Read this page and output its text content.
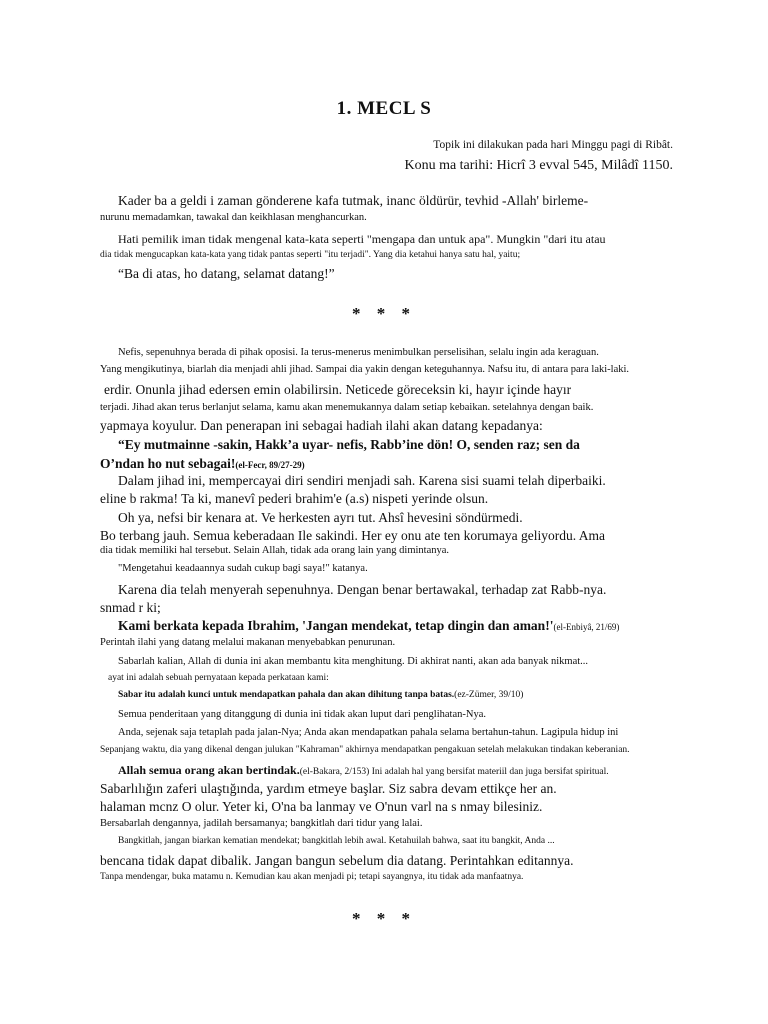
1. MECL S
Topik ini dilakukan pada hari Minggu pagi di Ribât.
Konu ma tarihi: Hicrî 3 evval 545, Milâdî 1150.
Kader ba a geldi i zaman gönderene kafa tutmak, inanc öldürür, tevhid -Allah' birleme-
nurunu memadamkan, tawakal dan keikhlasan menghancurkan.
Hati pemilik iman tidak mengenal kata-kata seperti "mengapa dan untuk apa". Mungkin "dari itu atau
dia tidak mengucapkan kata-kata yang tidak pantas seperti "itu terjadi". Yang dia ketahui hanya satu hal, yaitu;
“Ba di atas, ho datang, selamat datang!”
* * *
Nefis, sepenuhnya berada di pihak oposisi. Ia terus-menerus menimbulkan perselisihan, selalu ingin ada keraguan.
Yang mengikutinya, biarlah dia menjadi ahli jihad. Sampai dia yakin dengan keteguhannya. Nafsu itu, di antara para laki-laki.
erdir. Onunla jihad edersen emin olabilirsin. Neticede göreceksin ki, hayır içinde hayır
terjadi. Jihad akan terus berlanjut selama, kamu akan menemukannya dalam setiap kebaikan. setelahnya dengan baik.
yapmaya koyulur. Dan penerapan ini sebagai hadiah ilahi akan datang kepadanya:
“Ey mutmainne -sakin, Hakk’a uyar- nefis, Rabb’ine dön! O, senden raz; sen da
O’ndan ho nut sebagai!(el-Fecr, 89/27-29)
Dalam jihad ini, mempercayai diri sendiri menjadi sah. Karena sisi suami telah diperbaiki.
eline b rakma! Ta ki, manevî pederi brahim'e (a.s) nispeti yerinde olsun.
Oh ya, nefsi bir kenara at. Ve herkesten ayrı tut. Ahsî hevesini söndürmedi.
Bo terbang jauh. Semua keberadaan Ile sakindi. Her ey onu ate ten korumaya geliyordu. Ama
dia tidak memiliki hal tersebut. Selain Allah, tidak ada orang lain yang dimintanya.
"Mengetahui keadaannya sudah cukup bagi saya!" katanya.
Karena dia telah menyerah sepenuhnya. Dengan benar bertawakal, terhadap zat Rabb-nya.
snmad r ki;
Kami berkata kepada Ibrahim, 'Jangan mendekat, tetap dingin dan aman!'(el-Enbiyâ, 21/69)
Perintah ilahi yang datang melalui makanan menyebabkan penurunan.
Sabarlah kalian, Allah di dunia ini akan membantu kita menghitung. Di akhirat nanti, akan ada banyak nikmat...
ayat ini adalah sebuah pernyataan kepada perkataan kami:
Sabar itu adalah kunci untuk mendapatkan pahala dan akan dihitung tanpa batas.(ez-Zümer, 39/10)
Semua penderitaan yang ditanggung di dunia ini tidak akan luput dari penglihatan-Nya.
Anda, sejenak saja tetaplah pada jalan-Nya; Anda akan mendapatkan pahala selama bertahun-tahun. Lagipula hidup ini
Sepanjang waktu, dia yang dikenal dengan julukan "Kahraman" akhirnya mendapatkan pengakuan setelah melakukan tindakan keberanian.
Allah semua orang akan bertindak.(el-Bakara, 2/153) Ini adalah hal yang bersifat materiil dan juga bersifat spiritual.
Sabarlılığın zaferi ulaştığında, yardım etmeye başlar. Siz sabra devam ettikçe her an.
halaman mcnz O olur. Yeter ki, O'na ba lanmay ve O'nun varl na s nmay bilesiniz.
Bersabarlah dengannya, jadilah bersamanya; bangkitlah dari tidur yang lalai.
Bangkitlah, jangan biarkan kematian mendekat; bangkitlah lebih awal. Ketahuilah bahwa, saat itu bangkit, Anda ...
bencana tidak dapat dibalik. Jangan bangun sebelum dia datang. Perintahkan editannya.
Tanpa mendengar, buka matamu n. Kemudian kau akan menjadi pi; tetapi sayangnya, itu tidak ada manfaatnya.
* * *
